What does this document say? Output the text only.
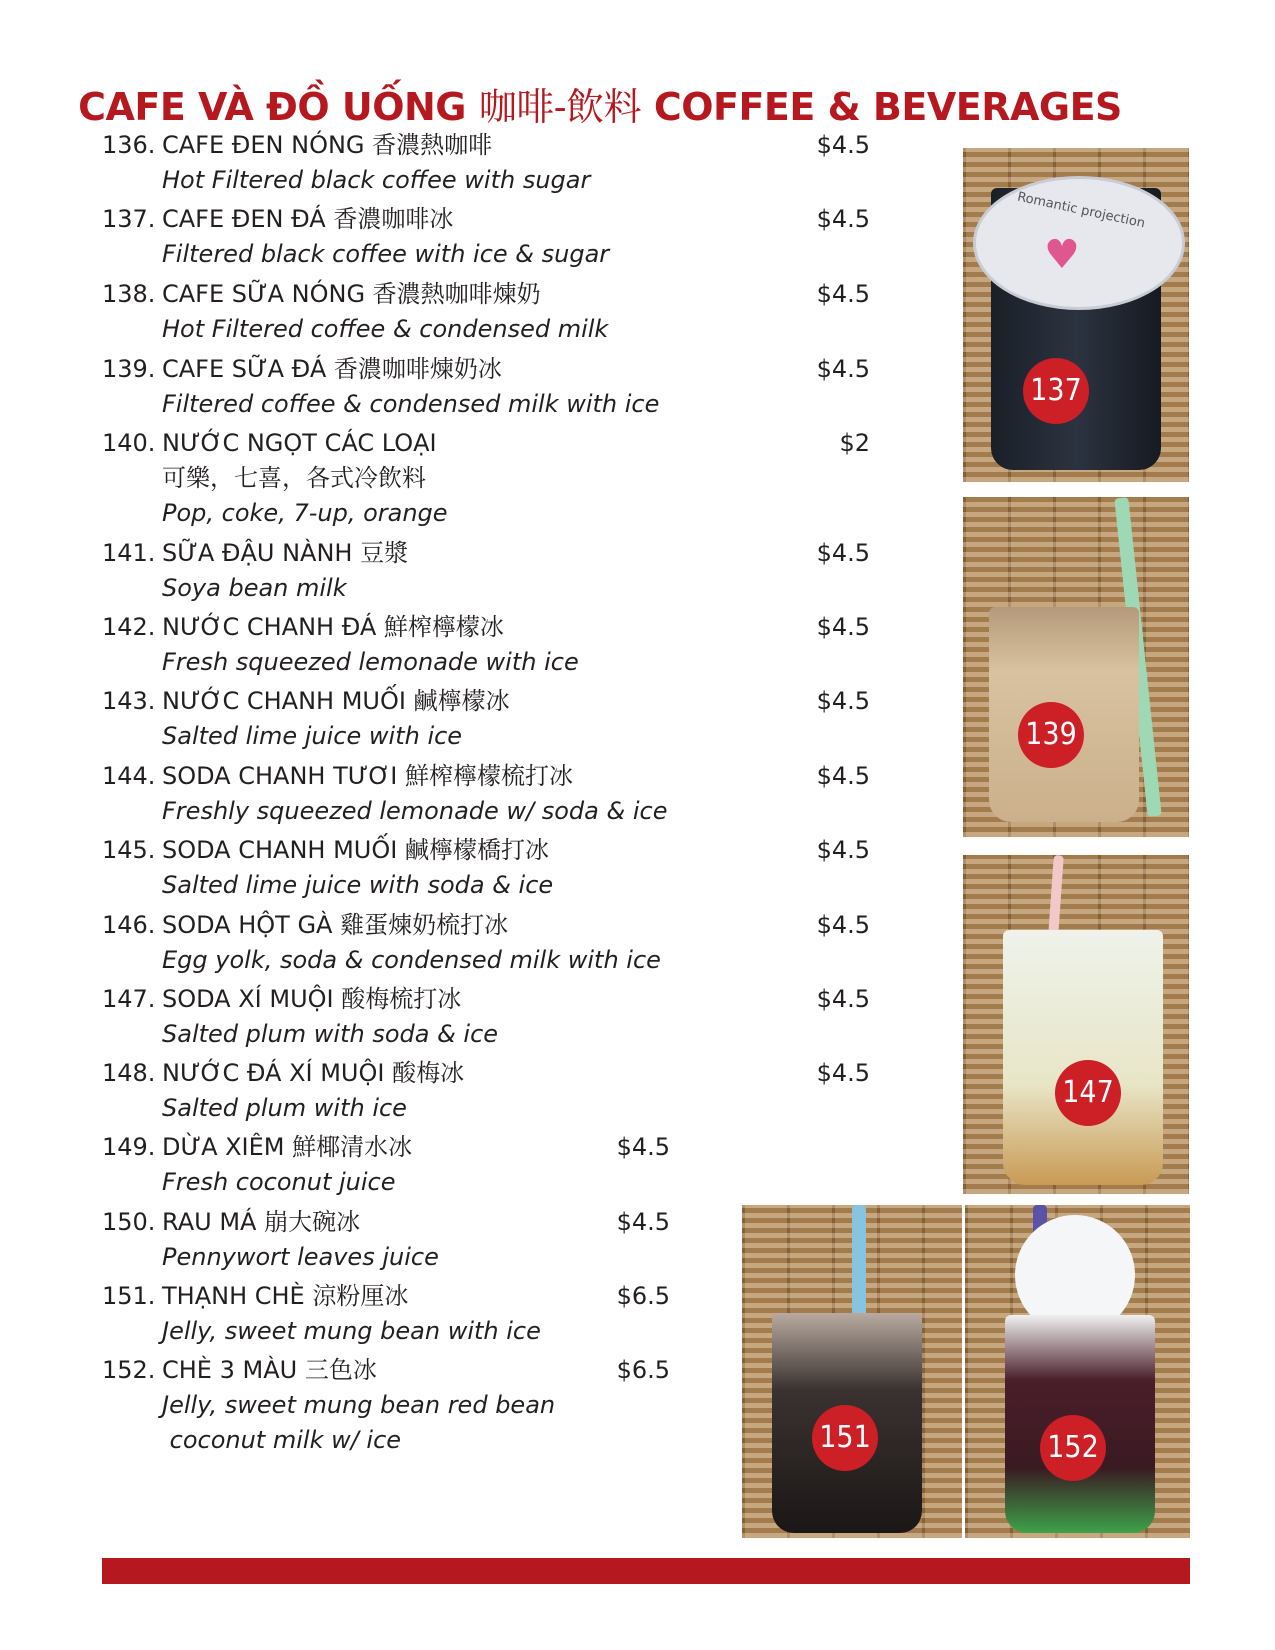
CAFE VÀ ĐỒ UỐNG 咖啡-飲料 COFFEE & BEVERAGES
136. CAFE ĐEN NÓNG 香濃熱咖啡
Hot Filtered black coffee with sugar
$4.5
137. CAFE ĐEN ĐÁ 香濃咖啡冰
Filtered black coffee with ice & sugar
$4.5
138. CAFE SỮA NÓNG 香濃熱咖啡煉奶
Hot Filtered coffee & condensed milk
$4.5
139. CAFE SỮA ĐÁ 香濃咖啡煉奶冰
Filtered coffee & condensed milk with ice
$4.5
140. NƯỚC NGỌT CÁC LOẠI
可樂，七喜，各式冷飲料
Pop, coke, 7-up, orange
$2
141. SỮA ĐẬU NÀNH 豆漿
Soya bean milk
$4.5
142. NƯỚC CHANH ĐÁ 鮮榨檸檬冰
Fresh squeezed lemonade with ice
$4.5
143. NƯỚC CHANH MUỐI 鹹檸檬冰
Salted lime juice with ice
$4.5
144. SODA CHANH TƯƠI 鮮榨檸檬梳打冰
Freshly squeezed lemonade w/ soda & ice
$4.5
145. SODA CHANH MUỐI 鹹檸檬橋打冰
Salted lime juice with soda & ice
$4.5
146. SODA HỘT GÀ 雞蛋煉奶梳打冰
Egg yolk, soda & condensed milk with ice
$4.5
147. SODA XÍ MUỘI 酸梅梳打冰
Salted plum with soda & ice
$4.5
148. NƯỚC ĐÁ XÍ MUỘI 酸梅冰
Salted plum with ice
$4.5
149. DỪA XIÊM 鮮椰清水冰
Fresh coconut juice
$4.5
150. RAU MÁ 崩大碗冰
Pennywort leaves juice
$4.5
151. THẠNH CHÈ 涼粉厘冰
Jelly, sweet mung bean with ice
$6.5
152. CHÈ 3 MÀU 三色冰
Jelly, sweet mung bean red bean
coconut milk w/ ice
$6.5
Romantic projection
♥
137
139
147
151	152
